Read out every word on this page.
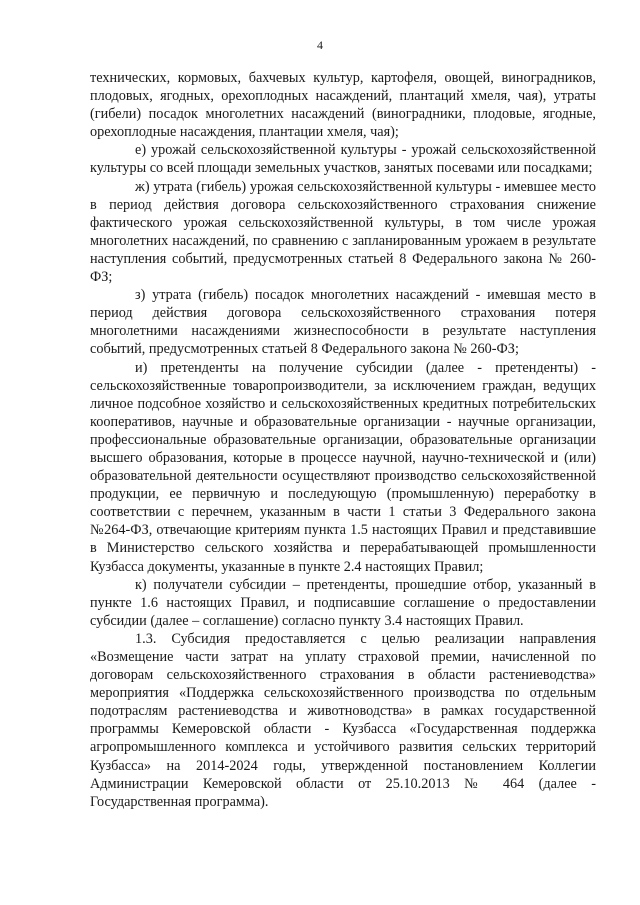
4

технических, кормовых, бахчевых культур, картофеля, овощей, виноградников, плодовых, ягодных, орехоплодных насаждений, плантаций хмеля, чая), утраты (гибели) посадок многолетних насаждений (виноградники, плодовые, ягодные, орехоплодные насаждения, плантации хмеля, чая);

е) урожай сельскохозяйственной культуры - урожай сельскохозяйственной культуры со всей площади земельных участков, занятых посевами или посадками;

ж) утрата (гибель) урожая сельскохозяйственной культуры - имевшее место в период действия договора сельскохозяйственного страхования снижение фактического урожая сельскохозяйственной культуры, в том числе урожая многолетних насаждений, по сравнению с запланированным урожаем в результате наступления событий, предусмотренных статьей 8 Федерального закона № 260-ФЗ;

з) утрата (гибель) посадок многолетних насаждений - имевшая место в период действия договора сельскохозяйственного страхования потеря многолетними насаждениями жизнеспособности в результате наступления событий, предусмотренных статьей 8 Федерального закона № 260-ФЗ;

и) претенденты на получение субсидии (далее - претенденты) - сельскохозяйственные товаропроизводители, за исключением граждан, ведущих личное подсобное хозяйство и сельскохозяйственных кредитных потребительских кооперативов, научные и образовательные организации - научные организации, профессиональные образовательные организации, образовательные организации высшего образования, которые в процессе научной, научно-технической и (или) образовательной деятельности осуществляют производство сельскохозяйственной продукции, ее первичную и последующую (промышленную) переработку в соответствии с перечнем, указанным в части 1 статьи 3 Федерального закона №264-ФЗ, отвечающие критериям пункта 1.5 настоящих Правил и представившие в Министерство сельского хозяйства и перерабатывающей промышленности Кузбасса документы, указанные в пункте 2.4 настоящих Правил;

к) получатели субсидии – претенденты, прошедшие отбор, указанный в пункте 1.6 настоящих Правил, и подписавшие соглашение о предоставлении субсидии (далее – соглашение) согласно пункту 3.4 настоящих Правил.

1.3. Субсидия предоставляется с целью реализации направления «Возмещение части затрат на уплату страховой премии, начисленной по договорам сельскохозяйственного страхования в области растениеводства» мероприятия «Поддержка сельскохозяйственного производства по отдельным подотраслям растениеводства и животноводства» в рамках государственной программы Кемеровской области - Кузбасса «Государственная поддержка агропромышленного комплекса и устойчивого развития сельских территорий Кузбасса» на 2014-2024 годы, утвержденной постановлением Коллегии Администрации Кемеровской области от 25.10.2013 № 464 (далее - Государственная программа).
